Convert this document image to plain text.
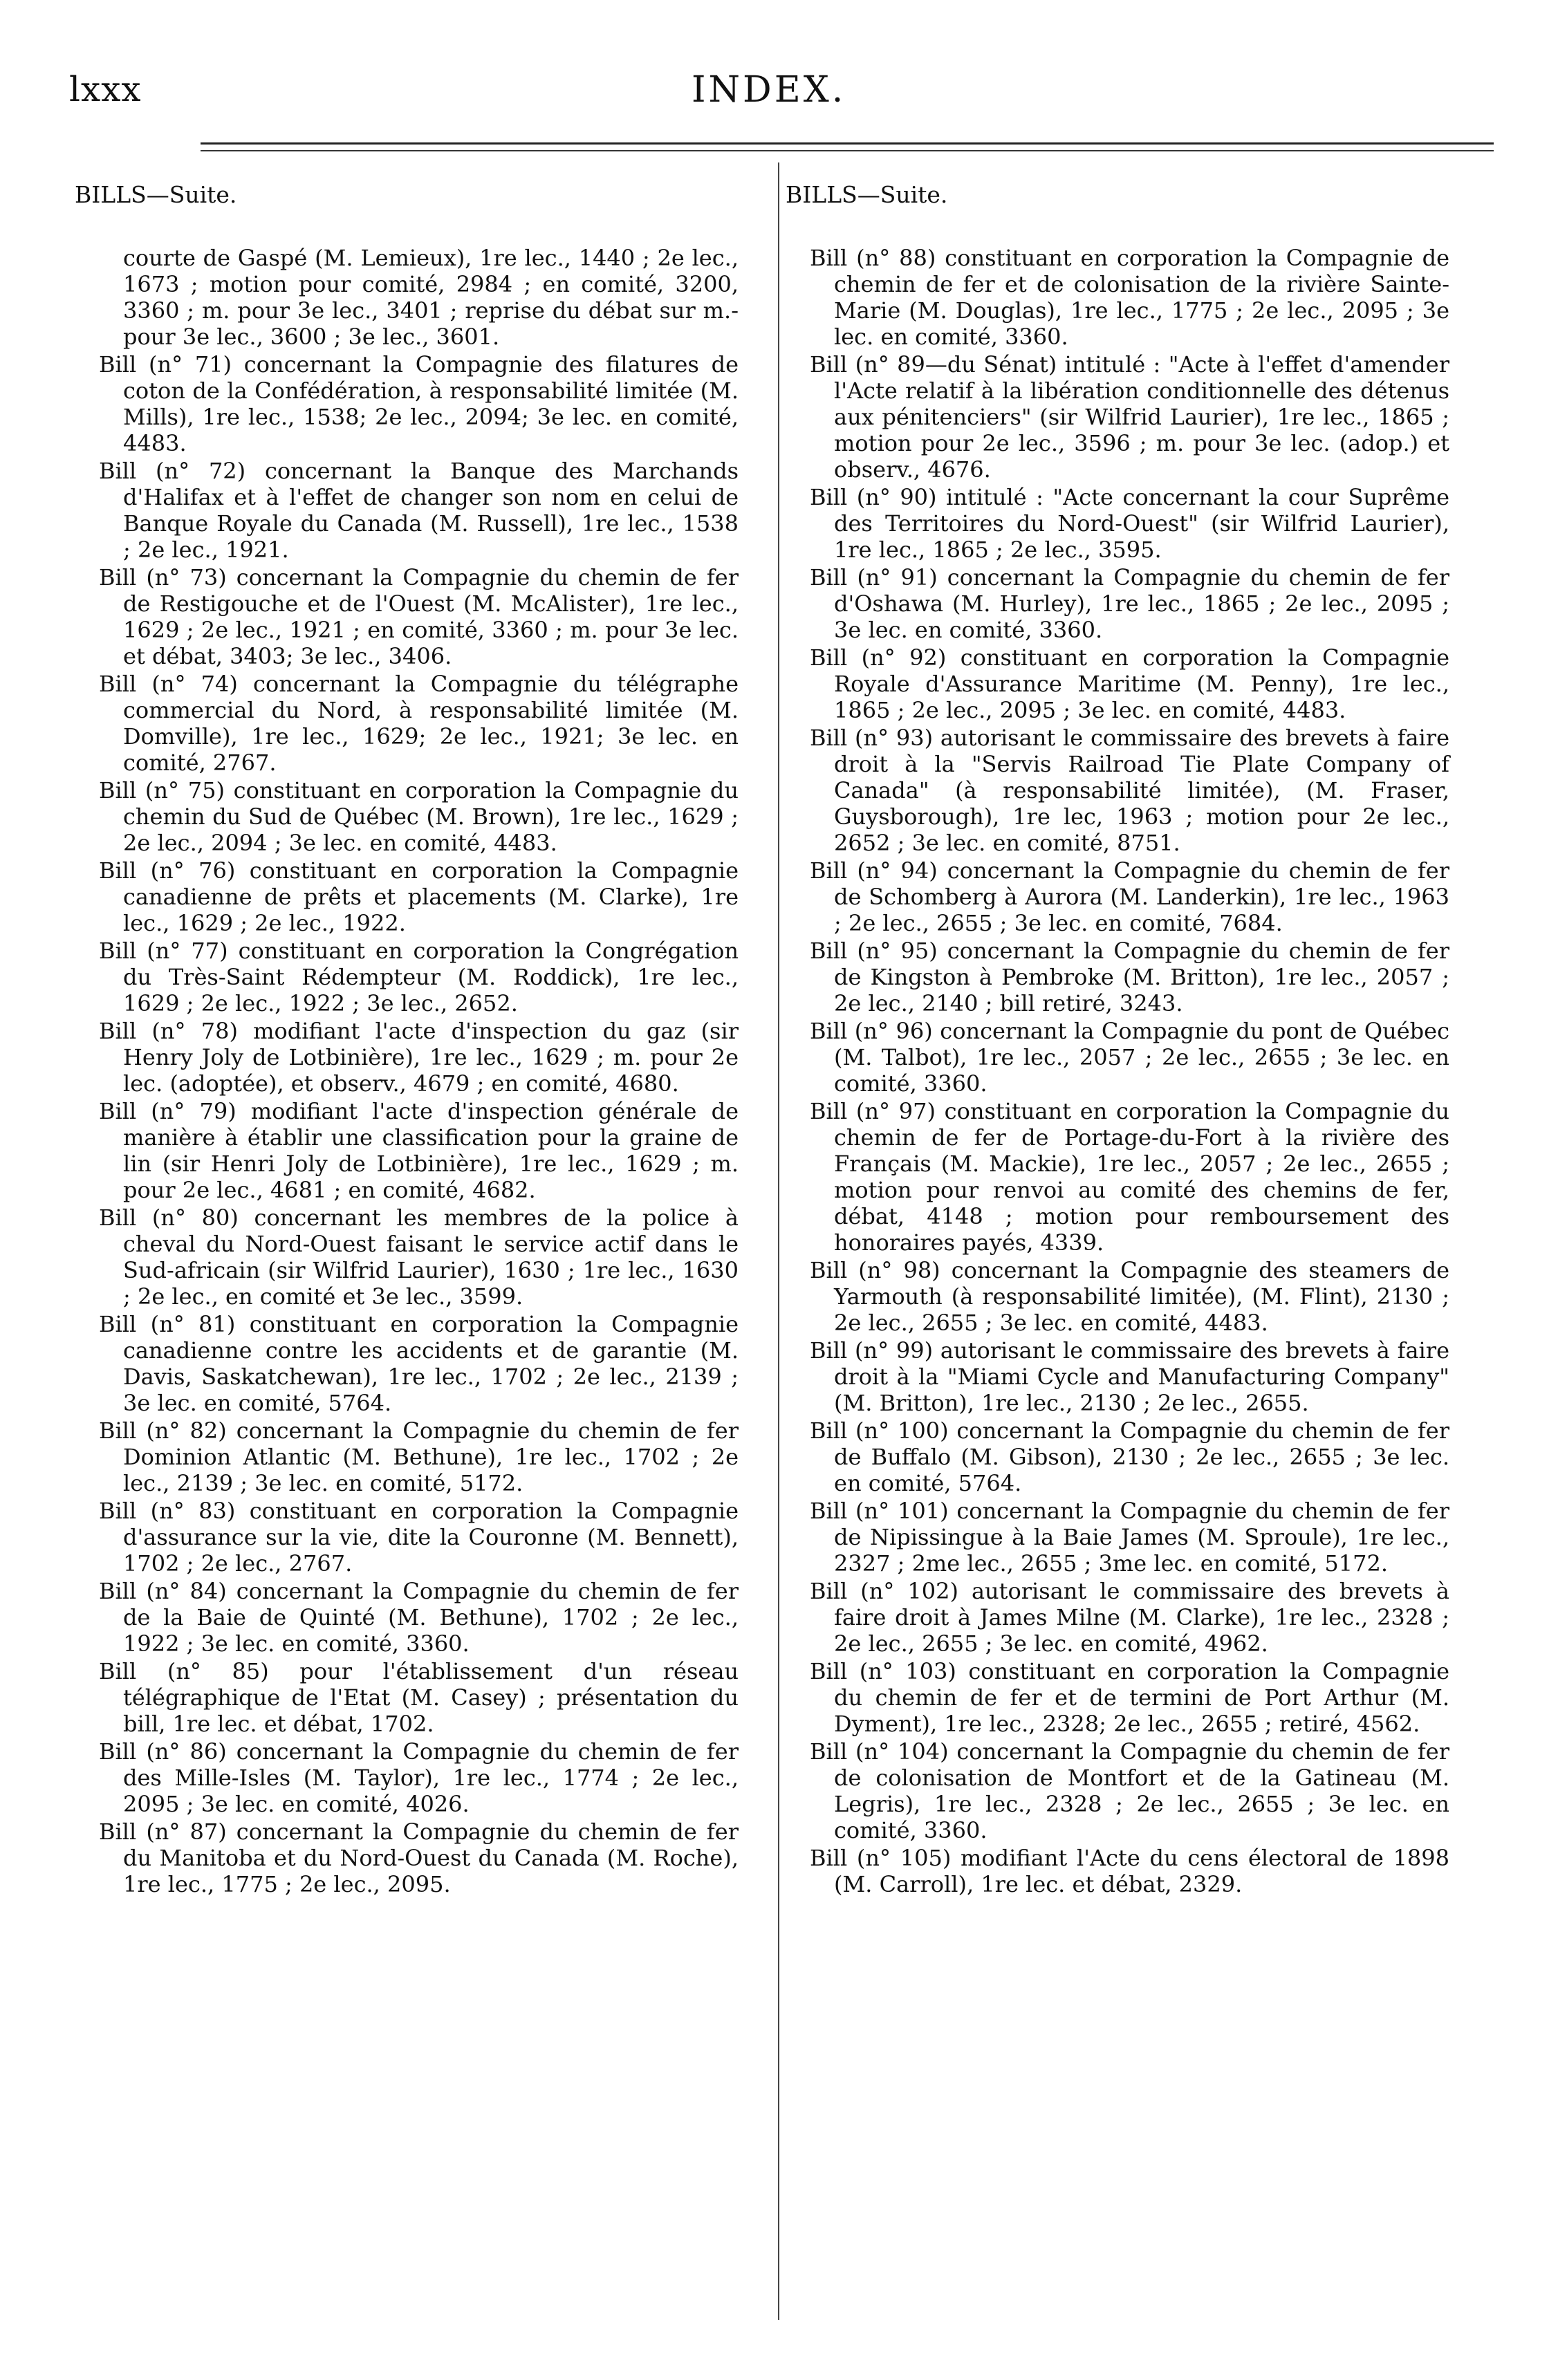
lxxx	INDEX.
BILLS—Suite.

courte de Gaspé (M. Lemieux), 1re lec., 1440 ; 2e lec., 1673 ; motion pour comité, 2984 ; en comité, 3200, 3360 ; m. pour 3e lec., 3401 ; reprise du débat sur m.-pour 3e lec., 3600 ; 3e lec., 3601.

Bill (n° 71) concernant la Compagnie des filatures de coton de la Confédération, à responsabilité limitée (M. Mills), 1re lec., 1538; 2e lec., 2094; 3e lec. en comité, 4483.

Bill (n° 72) concernant la Banque des Marchands d'Halifax et à l'effet de changer son nom en celui de Banque Royale du Canada (M. Russell), 1re lec., 1538 ; 2e lec., 1921.

Bill (n° 73) concernant la Compagnie du chemin de fer de Restigouche et de l'Ouest (M. McAlister), 1re lec., 1629 ; 2e lec., 1921 ; en comité, 3360 ; m. pour 3e lec. et débat, 3403; 3e lec., 3406.

Bill (n° 74) concernant la Compagnie du télégraphe commercial du Nord, à responsabilité limitée (M. Domville), 1re lec., 1629; 2e lec., 1921; 3e lec. en comité, 2767.

Bill (n° 75) constituant en corporation la Compagnie du chemin du Sud de Québec (M. Brown), 1re lec., 1629 ; 2e lec., 2094 ; 3e lec. en comité, 4483.

Bill (n° 76) constituant en corporation la Compagnie canadienne de prêts et placements (M. Clarke), 1re lec., 1629 ; 2e lec., 1922.

Bill (n° 77) constituant en corporation la Congrégation du Très-Saint Rédempteur (M. Roddick), 1re lec., 1629 ; 2e lec., 1922 ; 3e lec., 2652.

Bill (n° 78) modifiant l'acte d'inspection du gaz (sir Henry Joly de Lotbinière), 1re lec., 1629 ; m. pour 2e lec. (adoptée), et observ., 4679 ; en comité, 4680.

Bill (n° 79) modifiant l'acte d'inspection générale de manière à établir une classification pour la graine de lin (sir Henri Joly de Lotbinière), 1re lec., 1629 ; m. pour 2e lec., 4681 ; en comité, 4682.

Bill (n° 80) concernant les membres de la police à cheval du Nord-Ouest faisant le service actif dans le Sud-africain (sir Wilfrid Laurier), 1630 ; 1re lec., 1630 ; 2e lec., en comité et 3e lec., 3599.

Bill (n° 81) constituant en corporation la Compagnie canadienne contre les accidents et de garantie (M. Davis, Saskatchewan), 1re lec., 1702 ; 2e lec., 2139 ; 3e lec. en comité, 5764.

Bill (n° 82) concernant la Compagnie du chemin de fer Dominion Atlantic (M. Bethune), 1re lec., 1702 ; 2e lec., 2139 ; 3e lec. en comité, 5172.

Bill (n° 83) constituant en corporation la Compagnie d'assurance sur la vie, dite la Couronne (M. Bennett), 1702 ; 2e lec., 2767.

Bill (n° 84) concernant la Compagnie du chemin de fer de la Baie de Quinté (M. Bethune), 1702 ; 2e lec., 1922 ; 3e lec. en comité, 3360.

Bill (n° 85) pour l'établissement d'un réseau télégraphique de l'Etat (M. Casey) ; présentation du bill, 1re lec. et débat, 1702.

Bill (n° 86) concernant la Compagnie du chemin de fer des Mille-Isles (M. Taylor), 1re lec., 1774 ; 2e lec., 2095 ; 3e lec. en comité, 4026.

Bill (n° 87) concernant la Compagnie du chemin de fer du Manitoba et du Nord-Ouest du Canada (M. Roche), 1re lec., 1775 ; 2e lec., 2095.

BILLS—Suite.

Bill (n° 88) constituant en corporation la Compagnie de chemin de fer et de colonisation de la rivière Sainte-Marie (M. Douglas), 1re lec., 1775 ; 2e lec., 2095 ; 3e lec. en comité, 3360.

Bill (n° 89—du Sénat) intitulé : "Acte à l'effet d'amender l'Acte relatif à la libération conditionnelle des détenus aux pénitenciers" (sir Wilfrid Laurier), 1re lec., 1865 ; motion pour 2e lec., 3596 ; m. pour 3e lec. (adop.) et observ., 4676.

Bill (n° 90) intitulé : "Acte concernant la cour Suprême des Territoires du Nord-Ouest" (sir Wilfrid Laurier), 1re lec., 1865 ; 2e lec., 3595.

Bill (n° 91) concernant la Compagnie du chemin de fer d'Oshawa (M. Hurley), 1re lec., 1865 ; 2e lec., 2095 ; 3e lec. en comité, 3360.

Bill (n° 92) constituant en corporation la Compagnie Royale d'Assurance Maritime (M. Penny), 1re lec., 1865 ; 2e lec., 2095 ; 3e lec. en comité, 4483.

Bill (n° 93) autorisant le commissaire des brevets à faire droit à la "Servis Railroad Tie Plate Company of Canada" (à responsabilité limitée), (M. Fraser, Guysborough), 1re lec, 1963 ; motion pour 2e lec., 2652 ; 3e lec. en comité, 8751.

Bill (n° 94) concernant la Compagnie du chemin de fer de Schomberg à Aurora (M. Landerkin), 1re lec., 1963 ; 2e lec., 2655 ; 3e lec. en comité, 7684.

Bill (n° 95) concernant la Compagnie du chemin de fer de Kingston à Pembroke (M. Britton), 1re lec., 2057 ; 2e lec., 2140 ; bill retiré, 3243.

Bill (n° 96) concernant la Compagnie du pont de Québec (M. Talbot), 1re lec., 2057 ; 2e lec., 2655 ; 3e lec. en comité, 3360.

Bill (n° 97) constituant en corporation la Compagnie du chemin de fer de Portage-du-Fort à la rivière des Français (M. Mackie), 1re lec., 2057 ; 2e lec., 2655 ; motion pour renvoi au comité des chemins de fer, débat, 4148 ; motion pour remboursement des honoraires payés, 4339.

Bill (n° 98) concernant la Compagnie des steamers de Yarmouth (à responsabilité limitée), (M. Flint), 2130 ; 2e lec., 2655 ; 3e lec. en comité, 4483.

Bill (n° 99) autorisant le commissaire des brevets à faire droit à la "Miami Cycle and Manufacturing Company" (M. Britton), 1re lec., 2130 ; 2e lec., 2655.

Bill (n° 100) concernant la Compagnie du chemin de fer de Buffalo (M. Gibson), 2130 ; 2e lec., 2655 ; 3e lec. en comité, 5764.

Bill (n° 101) concernant la Compagnie du chemin de fer de Nipissingue à la Baie James (M. Sproule), 1re lec., 2327 ; 2me lec., 2655 ; 3me lec. en comité, 5172.

Bill (n° 102) autorisant le commissaire des brevets à faire droit à James Milne (M. Clarke), 1re lec., 2328 ; 2e lec., 2655 ; 3e lec. en comité, 4962.

Bill (n° 103) constituant en corporation la Compagnie du chemin de fer et de termini de Port Arthur (M. Dyment), 1re lec., 2328; 2e lec., 2655 ; retiré, 4562.

Bill (n° 104) concernant la Compagnie du chemin de fer de colonisation de Montfort et de la Gatineau (M. Legris), 1re lec., 2328 ; 2e lec., 2655 ; 3e lec. en comité, 3360.

Bill (n° 105) modifiant l'Acte du cens électoral de 1898 (M. Carroll), 1re lec. et débat, 2329.
